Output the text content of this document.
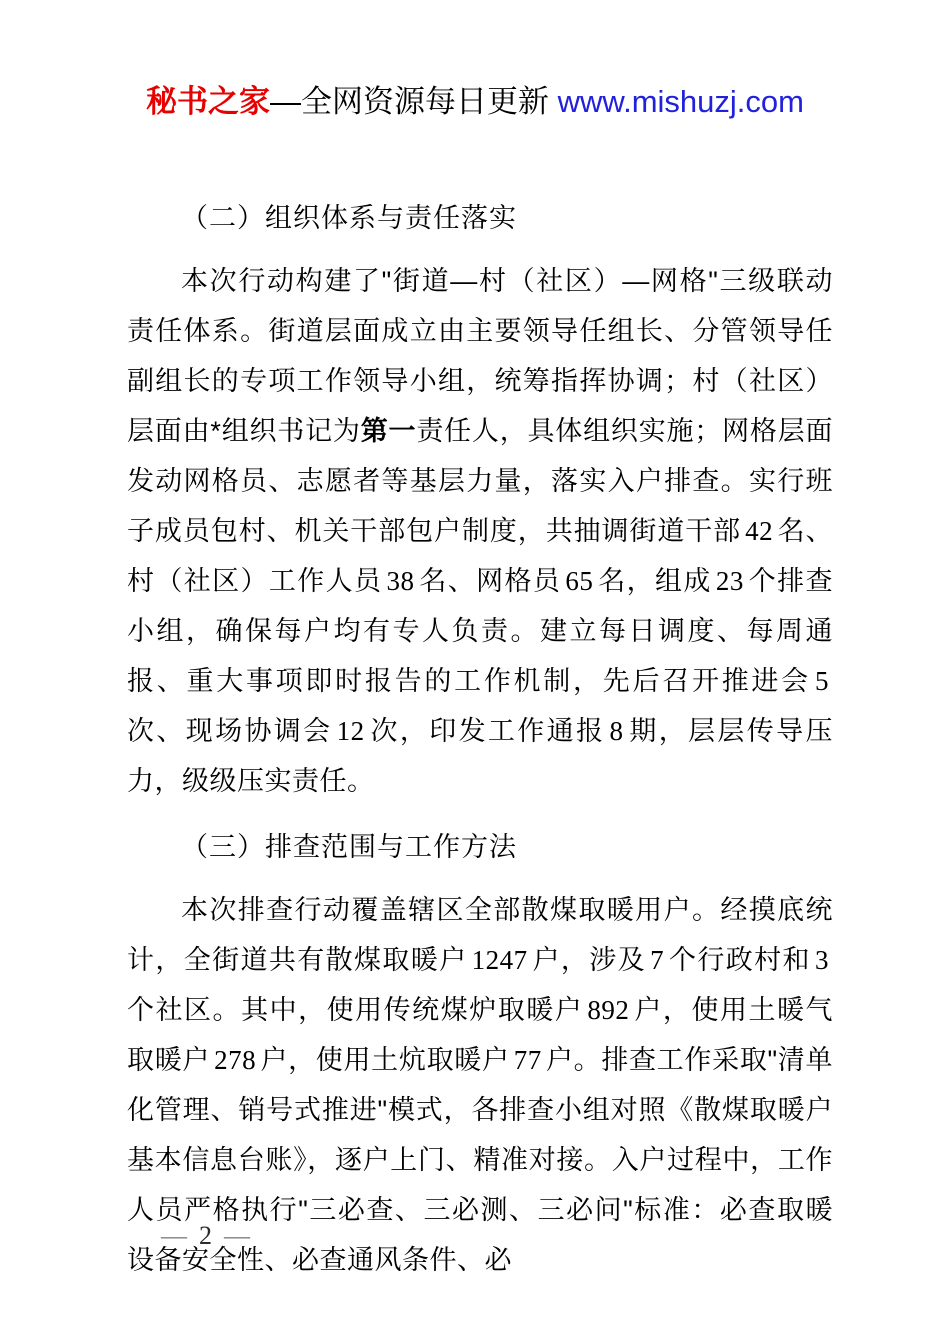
秘书之家—全网资源每日更新 www.mishuzj.com
（二）组织体系与责任落实

本次行动构建了"街道—村（社区）—网格"三级联动责任体系。街道层面成立由主要领导任组长、分管领导任副组长的专项工作领导小组，统筹指挥协调；村（社区）层面由*组织书记为第一责任人，具体组织实施；网格层面发动网格员、志愿者等基层力量，落实入户排查。实行班子成员包村、机关干部包户制度，共抽调街道干部 42 名、村（社区）工作人员 38 名、网格员 65 名，组成 23 个排查小组，确保每户均有专人负责。建立每日调度、每周通报、重大事项即时报告的工作机制，先后召开推进会 5次、现场协调会 12 次，印发工作通报 8 期，层层传导压力，级级压实责任。

（三）排查范围与工作方法

本次排查行动覆盖辖区全部散煤取暖用户。经摸底统计，全街道共有散煤取暖户 1247 户，涉及 7 个行政村和 3个社区。其中，使用传统煤炉取暖户 892 户，使用土暖气取暖户 278 户，使用土炕取暖户 77 户。排查工作采取"清单化管理、销号式推进"模式，各排查小组对照《散煤取暖户基本信息台账》，逐户上门、精准对接。入户过程中，工作人员严格执行"三必查、三必测、三必问"标准：必查取暖设备安全性、必查通风条件、必

— 2 —
